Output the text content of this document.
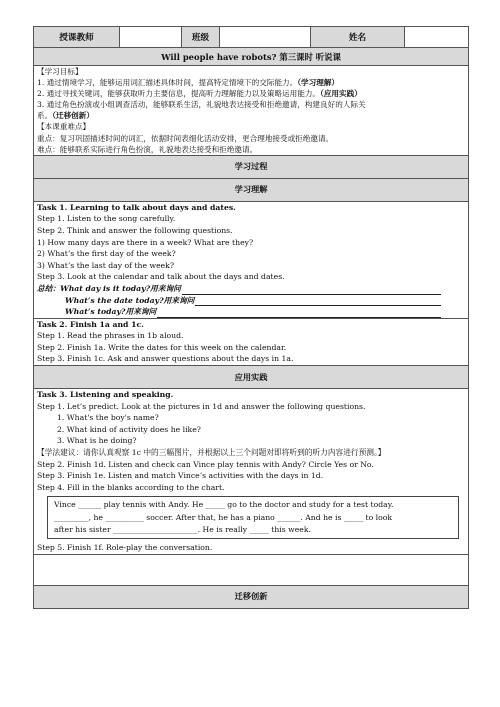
授课教师		班级		姓名	
Will people have robots? 第三课时 听说课

【学习目标】
1. 通过情境学习，能够运用词汇描述具体时间，提高特定情境下的交际能力。（学习理解）
2. 通过寻找关键词，能够获取听力主要信息，提高听力理解能力以及策略运用能力。（应用实践）
3. 通过角色扮演或小组调查活动，能够联系生活，礼貌地表达接受和拒绝邀请，构建良好的人际关
系。（迁移创新）
【本课重难点】
重点：复习巩固描述时间的词汇，依据时间表细化活动安排，更合理地接受或拒绝邀请。
难点：能够联系实际进行角色扮演，礼貌地表达接受和拒绝邀请。

学习过程
学习理解

Task 1. Learning to talk about days and dates.
Step 1. Listen to the song carefully.
Step 2. Think and answer the following questions.
1) How many days are there in a week? What are they?
2) What’s the first day of the week?
3) What’s the last day of the week?
Step 3. Look at the calendar and talk about the days and dates.
总结： What day is it today?用来询问
What’s the date today?用来询问
What’s today?用来询问

Task 2. Finish 1a and 1c.
Step 1. Read the phrases in 1b aloud.
Step 2. Finish 1a. Write the dates for this week on the calendar.
Step 3. Finish 1c. Ask and answer questions about the days in 1a.

应用实践

Task 3. Listening and speaking.
Step 1. Let’s predict. Look at the pictures in 1d and answer the following questions.
1. What's the boy's name?
2. What kind of activity does he like?
3. What is he doing?
【学法建议：请你认真观察 1c 中的三幅图片，并根据以上三个问题对即将听到的听力内容进行预测。】
Step 2. Finish 1d. Listen and check can Vince play tennis with Andy? Circle Yes or No.
Step 3. Finish 1e. Listen and match Vince’s activities with the days in 1d.
Step 4. Fill in the blanks according to the chart.
Vince ______ play tennis with Andy. He _____ go to the doctor and study for a test today.
_________, he __________ soccer. After that, he has a piano ______. And he is _____ to look
after his sister ______________________. He is really _____ this week.
Step 5. Finish 1f. Role-play the conversation.

迁移创新
